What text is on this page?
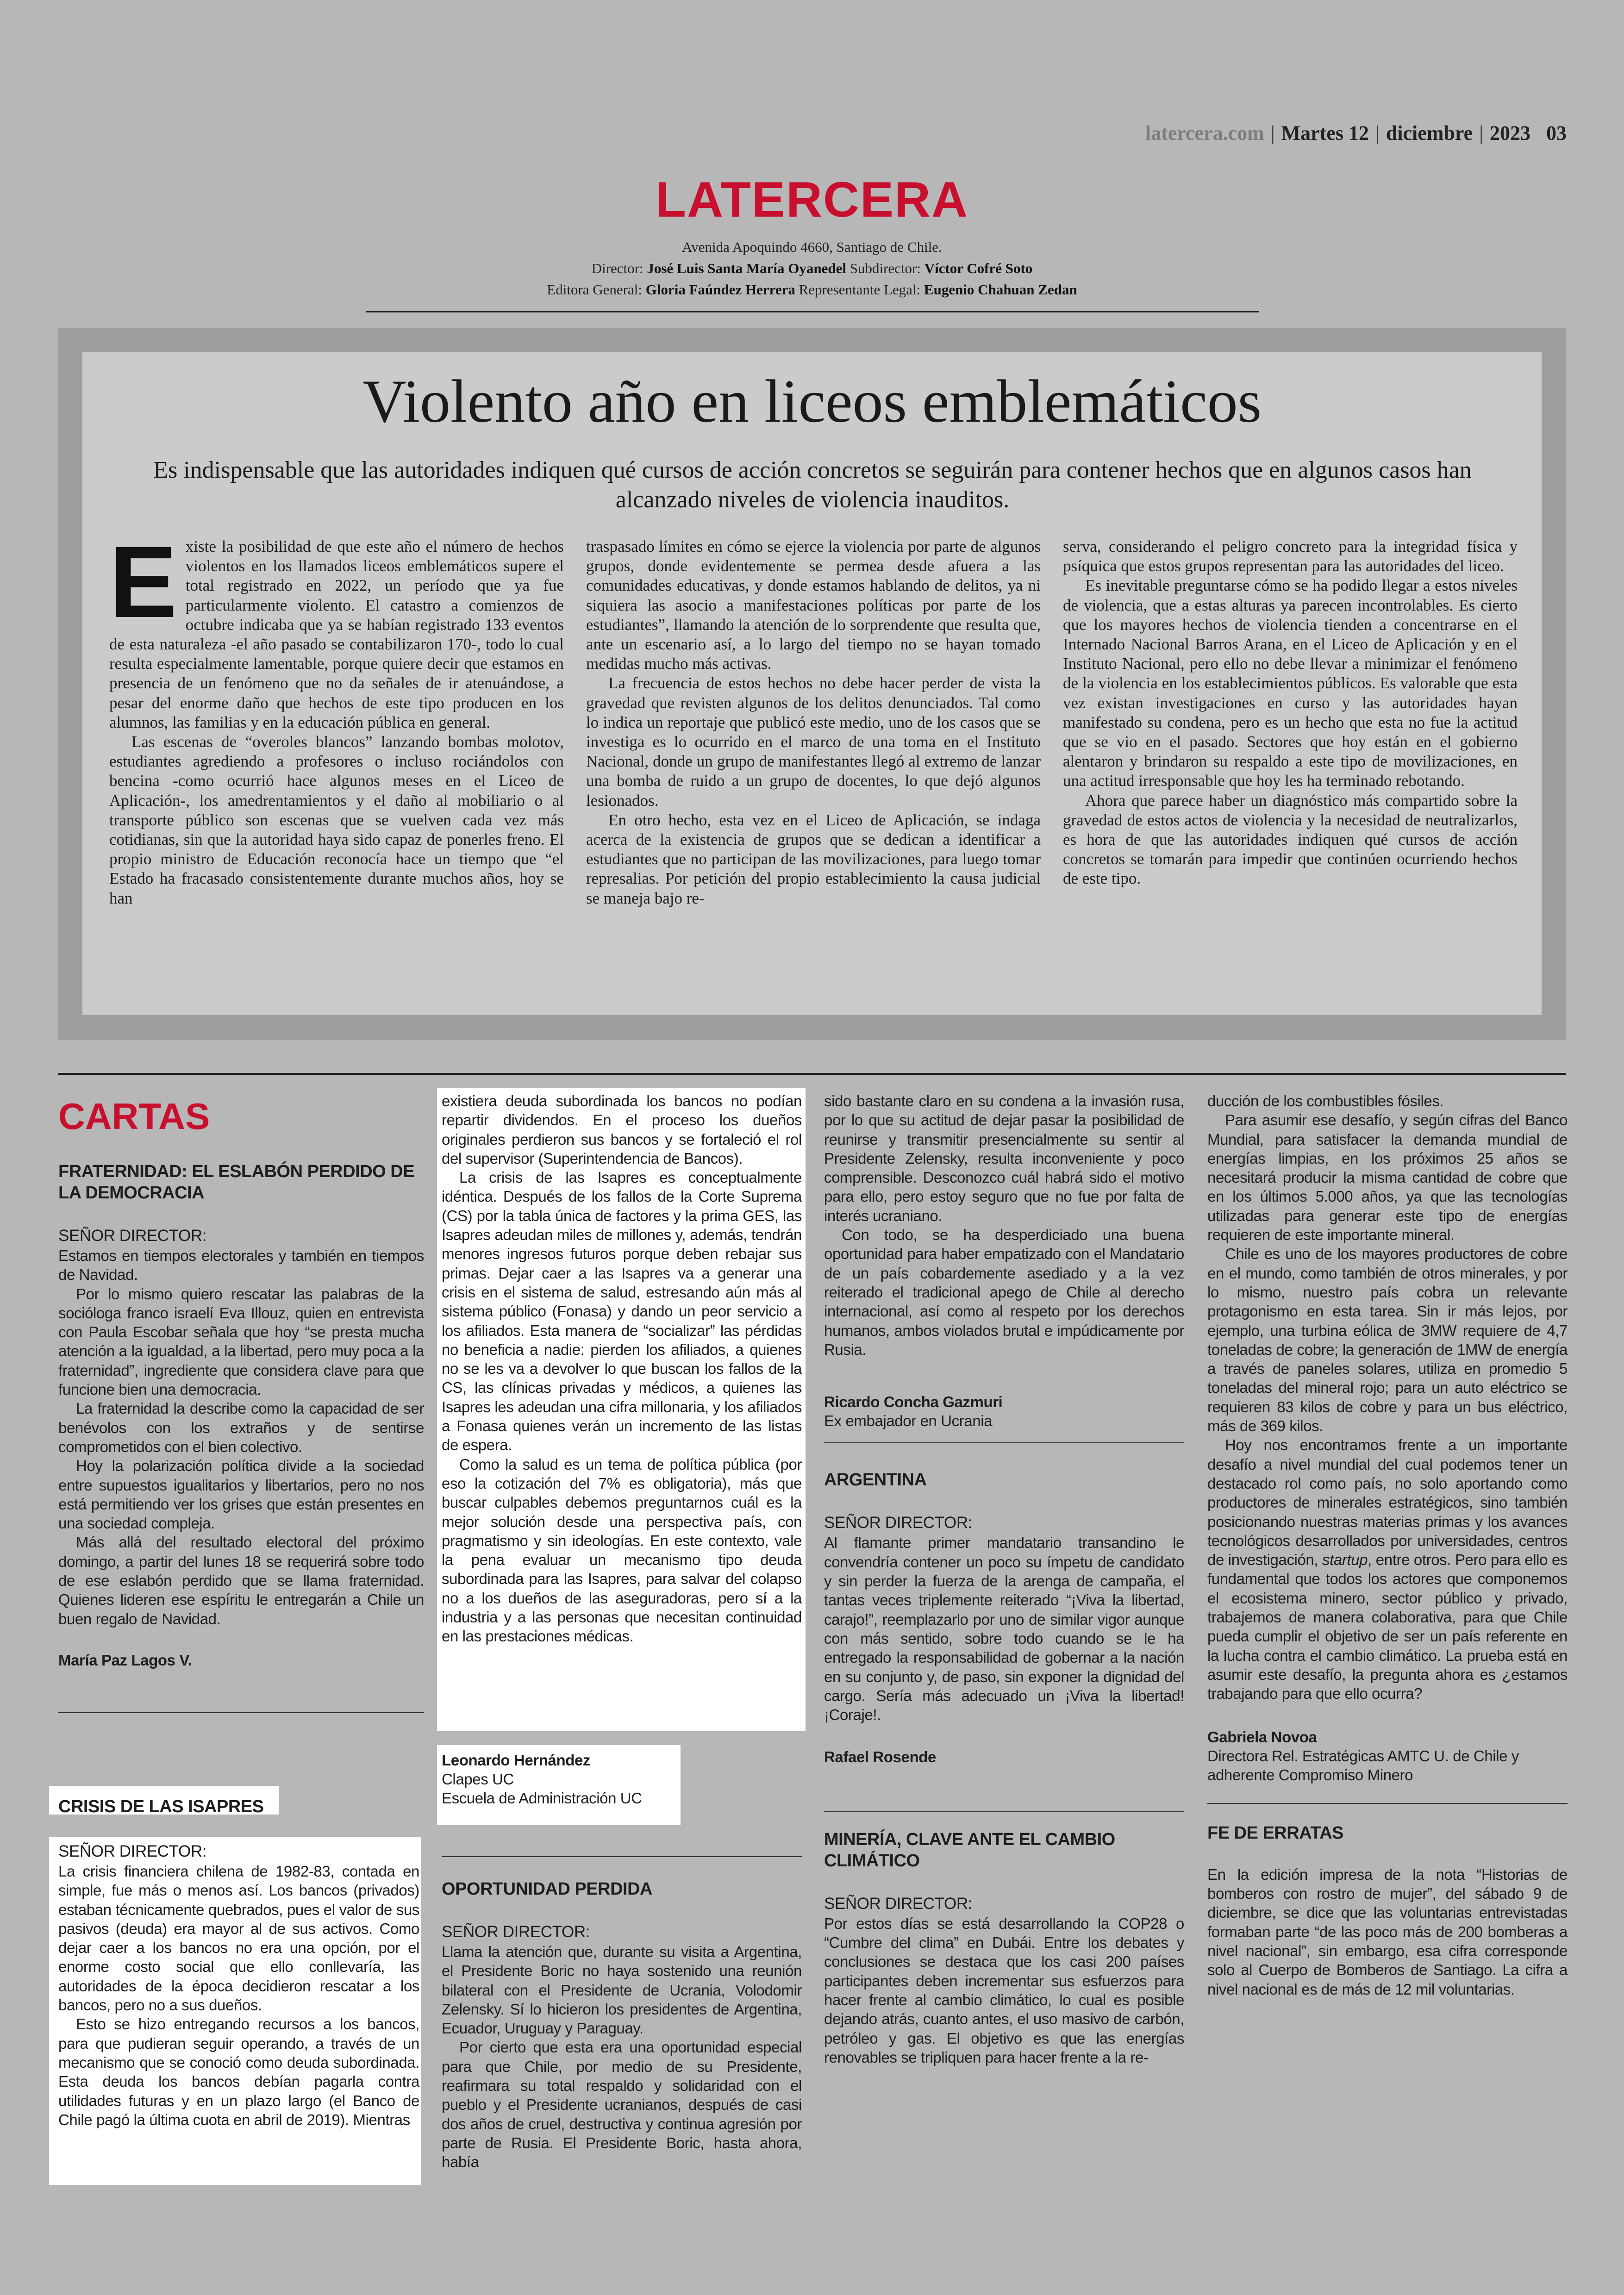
latercera.com | Martes 12 | diciembre | 2023 03
LATERCERA
Avenida Apoquindo 4660, Santiago de Chile.
Director: José Luis Santa María Oyanedel Subdirector: Víctor Cofré Soto
Editora General: Gloria Faúndez Herrera Representante Legal: Eugenio Chahuan Zedan
Violento año en liceos emblemáticos
Es indispensable que las autoridades indiquen qué cursos de acción concretos se seguirán para contener hechos que en algunos casos han alcanzado niveles de violencia inauditos.

Existe la posibilidad de que este año el número de hechos violentos en los llamados liceos emblemáticos supere el total registrado en 2022, un período que ya fue particularmente violento. El catastro a comienzos de octubre indicaba que ya se habían registrado 133 eventos de esta naturaleza -el año pasado se contabilizaron 170-, todo lo cual resulta especialmente lamentable, porque quiere decir que estamos en presencia de un fenómeno que no da señales de ir atenuándose, a pesar del enorme daño que hechos de este tipo producen en los alumnos, las familias y en la educación pública en general.

Las escenas de “overoles blancos” lanzando bombas molotov, estudiantes agrediendo a profesores o incluso rociándolos con bencina -como ocurrió hace algunos meses en el Liceo de Aplicación-, los amedrentamientos y el daño al mobiliario o al transporte público son escenas que se vuelven cada vez más cotidianas, sin que la autoridad haya sido capaz de ponerles freno. El propio ministro de Educación reconocía hace un tiempo que “el Estado ha fracasado consistentemente durante muchos años, hoy se han

traspasado límites en cómo se ejerce la violencia por parte de algunos grupos, donde evidentemente se permea desde afuera a las comunidades educativas, y donde estamos hablando de delitos, ya ni siquiera las asocio a manifestaciones políticas por parte de los estudiantes”, llamando la atención de lo sorprendente que resulta que, ante un escenario así, a lo largo del tiempo no se hayan tomado medidas mucho más activas.

La frecuencia de estos hechos no debe hacer perder de vista la gravedad que revisten algunos de los delitos denunciados. Tal como lo indica un reportaje que publicó este medio, uno de los casos que se investiga es lo ocurrido en el marco de una toma en el Instituto Nacional, donde un grupo de manifestantes llegó al extremo de lanzar una bomba de ruido a un grupo de docentes, lo que dejó algunos lesionados.

En otro hecho, esta vez en el Liceo de Aplicación, se indaga acerca de la existencia de grupos que se dedican a identificar a estudiantes que no participan de las movilizaciones, para luego tomar represalias. Por petición del propio establecimiento la causa judicial se maneja bajo re-

serva, considerando el peligro concreto para la integridad física y psíquica que estos grupos representan para las autoridades del liceo.

Es inevitable preguntarse cómo se ha podido llegar a estos niveles de violencia, que a estas alturas ya parecen incontrolables. Es cierto que los mayores hechos de violencia tienden a concentrarse en el Internado Nacional Barros Arana, en el Liceo de Aplicación y en el Instituto Nacional, pero ello no debe llevar a minimizar el fenómeno de la violencia en los establecimientos públicos. Es valorable que esta vez existan investigaciones en curso y las autoridades hayan manifestado su condena, pero es un hecho que esta no fue la actitud que se vio en el pasado. Sectores que hoy están en el gobierno alentaron y brindaron su respaldo a este tipo de movilizaciones, en una actitud irresponsable que hoy les ha terminado rebotando.

Ahora que parece haber un diagnóstico más compartido sobre la gravedad de estos actos de violencia y la necesidad de neutralizarlos, es hora de que las autoridades indiquen qué cursos de acción concretos se tomarán para impedir que continúen ocurriendo hechos de este tipo.

CARTAS
FRATERNIDAD: EL ESLABÓN PERDIDO DE LA DEMOCRACIA
SEÑOR DIRECTOR:

Estamos en tiempos electorales y también en tiempos de Navidad.

Por lo mismo quiero rescatar las palabras de la socióloga franco israelí Eva Illouz, quien en entrevista con Paula Escobar señala que hoy “se presta mucha atención a la igualdad, a la libertad, pero muy poca a la fraternidad”, ingrediente que considera clave para que funcione bien una democracia.

La fraternidad la describe como la capacidad de ser benévolos con los extraños y de sentirse comprometidos con el bien colectivo.

Hoy la polarización política divide a la sociedad entre supuestos igualitarios y libertarios, pero no nos está permitiendo ver los grises que están presentes en una sociedad compleja.

Más allá del resultado electoral del próximo domingo, a partir del lunes 18 se requerirá sobre todo de ese eslabón perdido que se llama fraternidad. Quienes lideren ese espíritu le entregarán a Chile un buen regalo de Navidad.

María Paz Lagos V.
CRISIS DE LAS ISAPRES
SEÑOR DIRECTOR:

La crisis financiera chilena de 1982-83, contada en simple, fue más o menos así. Los bancos (privados) estaban técnicamente quebrados, pues el valor de sus pasivos (deuda) era mayor al de sus activos. Como dejar caer a los bancos no era una opción, por el enorme costo social que ello conllevaría, las autoridades de la época decidieron rescatar a los bancos, pero no a sus dueños.

Esto se hizo entregando recursos a los bancos, para que pudieran seguir operando, a través de un mecanismo que se conoció como deuda subordinada. Esta deuda los bancos debían pagarla contra utilidades futuras y en un plazo largo (el Banco de Chile pagó la última cuota en abril de 2019). Mientras

existiera deuda subordinada los bancos no podían repartir dividendos. En el proceso los dueños originales perdieron sus bancos y se fortaleció el rol del supervisor (Superintendencia de Bancos).

La crisis de las Isapres es conceptualmente idéntica. Después de los fallos de la Corte Suprema (CS) por la tabla única de factores y la prima GES, las Isapres adeudan miles de millones y, además, tendrán menores ingresos futuros porque deben rebajar sus primas. Dejar caer a las Isapres va a generar una crisis en el sistema de salud, estresando aún más al sistema público (Fonasa) y dando un peor servicio a los afiliados. Esta manera de “socializar” las pérdidas no beneficia a nadie: pierden los afiliados, a quienes no se les va a devolver lo que buscan los fallos de la CS, las clínicas privadas y médicos, a quienes las Isapres les adeudan una cifra millonaria, y los afiliados a Fonasa quienes verán un incremento de las listas de espera.

Como la salud es un tema de política pública (por eso la cotización del 7% es obligatoria), más que buscar culpables debemos preguntarnos cuál es la mejor solución desde una perspectiva país, con pragmatismo y sin ideologías. En este contexto, vale la pena evaluar un mecanismo tipo deuda subordinada para las Isapres, para salvar del colapso no a los dueños de las aseguradoras, pero sí a la industria y a las personas que necesitan continuidad en las prestaciones médicas.

Leonardo Hernández
Clapes UC
Escuela de Administración UC
OPORTUNIDAD PERDIDA
SEÑOR DIRECTOR:

Llama la atención que, durante su visita a Argentina, el Presidente Boric no haya sostenido una reunión bilateral con el Presidente de Ucrania, Volodomir Zelensky. Sí lo hicieron los presidentes de Argentina, Ecuador, Uruguay y Paraguay.

Por cierto que esta era una oportunidad especial para que Chile, por medio de su Presidente, reafirmara su total respaldo y solidaridad con el pueblo y el Presidente ucranianos, después de casi dos años de cruel, destructiva y continua agresión por parte de Rusia. El Presidente Boric, hasta ahora, había

sido bastante claro en su condena a la invasión rusa, por lo que su actitud de dejar pasar la posibilidad de reunirse y transmitir presencialmente su sentir al Presidente Zelensky, resulta inconveniente y poco comprensible. Desconozco cuál habrá sido el motivo para ello, pero estoy seguro que no fue por falta de interés ucraniano.

Con todo, se ha desperdiciado una buena oportunidad para haber empatizado con el Mandatario de un país cobardemente asediado y a la vez reiterado el tradicional apego de Chile al derecho internacional, así como al respeto por los derechos humanos, ambos violados brutal e impúdicamente por Rusia.

Ricardo Concha Gazmuri
Ex embajador en Ucrania
ARGENTINA
SEÑOR DIRECTOR:

Al flamante primer mandatario transandino le convendría contener un poco su ímpetu de candidato y sin perder la fuerza de la arenga de campaña, el tantas veces triplemente reiterado “¡Viva la libertad, carajo!”, reemplazarlo por uno de similar vigor aunque con más sentido, sobre todo cuando se le ha entregado la responsabilidad de gobernar a la nación en su conjunto y, de paso, sin exponer la dignidad del cargo. Sería más adecuado un ¡Viva la libertad! ¡Coraje!.

Rafael Rosende
MINERÍA, CLAVE ANTE EL CAMBIO CLIMÁTICO
SEÑOR DIRECTOR:

Por estos días se está desarrollando la COP28 o “Cumbre del clima” en Dubái. Entre los debates y conclusiones se destaca que los casi 200 países participantes deben incrementar sus esfuerzos para hacer frente al cambio climático, lo cual es posible dejando atrás, cuanto antes, el uso masivo de carbón, petróleo y gas. El objetivo es que las energías renovables se tripliquen para hacer frente a la re-

ducción de los combustibles fósiles.

Para asumir ese desafío, y según cifras del Banco Mundial, para satisfacer la demanda mundial de energías limpias, en los próximos 25 años se necesitará producir la misma cantidad de cobre que en los últimos 5.000 años, ya que las tecnologías utilizadas para generar este tipo de energías requieren de este importante mineral.

Chile es uno de los mayores productores de cobre en el mundo, como también de otros minerales, y por lo mismo, nuestro país cobra un relevante protagonismo en esta tarea. Sin ir más lejos, por ejemplo, una turbina eólica de 3MW requiere de 4,7 toneladas de cobre; la generación de 1MW de energía a través de paneles solares, utiliza en promedio 5 toneladas del mineral rojo; para un auto eléctrico se requieren 83 kilos de cobre y para un bus eléctrico, más de 369 kilos.

Hoy nos encontramos frente a un importante desafío a nivel mundial del cual podemos tener un destacado rol como país, no solo aportando como productores de minerales estratégicos, sino también posicionando nuestras materias primas y los avances tecnológicos desarrollados por universidades, centros de investigación, startup, entre otros. Pero para ello es fundamental que todos los actores que componemos el ecosistema minero, sector público y privado, trabajemos de manera colaborativa, para que Chile pueda cumplir el objetivo de ser un país referente en la lucha contra el cambio climático. La prueba está en asumir este desafío, la pregunta ahora es ¿estamos trabajando para que ello ocurra?

Gabriela Novoa
Directora Rel. Estratégicas AMTC U. de Chile y adherente Compromiso Minero
FE DE ERRATAS

En la edición impresa de la nota “Historias de bomberos con rostro de mujer”, del sábado 9 de diciembre, se dice que las voluntarias entrevistadas formaban parte “de las poco más de 200 bomberas a nivel nacional”, sin embargo, esa cifra corresponde solo al Cuerpo de Bomberos de Santiago. La cifra a nivel nacional es de más de 12 mil voluntarias.
